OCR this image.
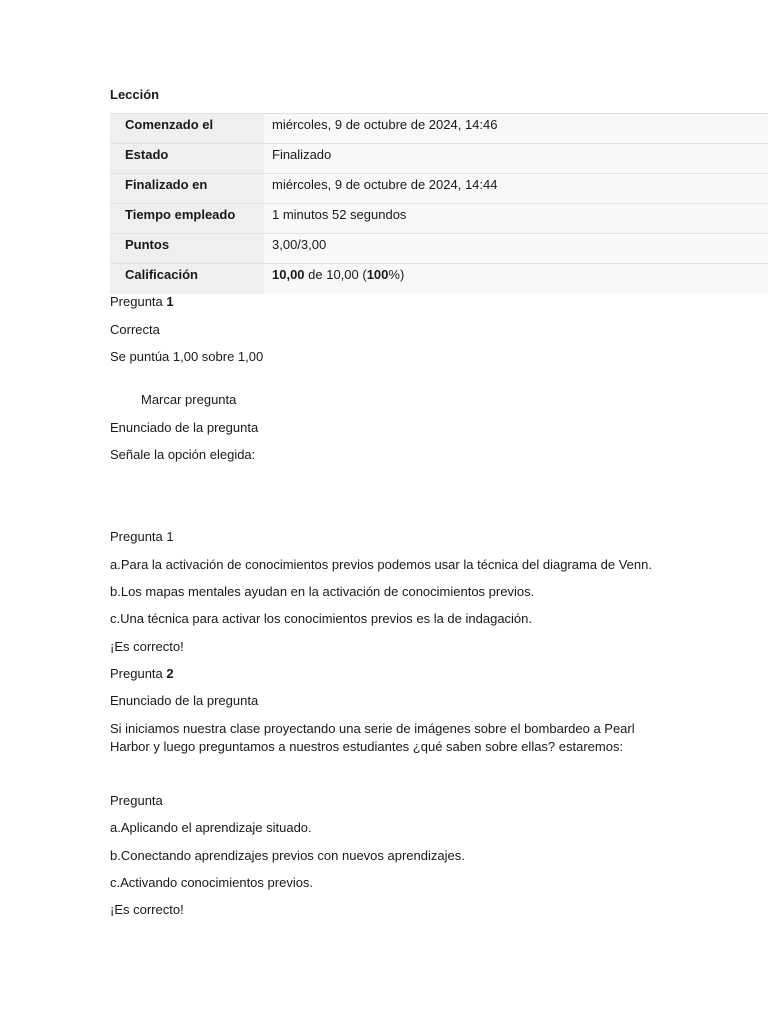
Lección
Comenzado el	miércoles, 9 de octubre de 2024, 14:46
Estado	Finalizado
Finalizado en	miércoles, 9 de octubre de 2024, 14:44
Tiempo empleado	1 minutos 52 segundos
Puntos	3,00/3,00
Calificación	10,00 de 10,00 (100%)
Pregunta 1
Correcta
Se puntúa 1,00 sobre 1,00
Marcar pregunta
Enunciado de la pregunta
Señale la opción elegida:
Pregunta 1
a.Para la activación de conocimientos previos podemos usar la técnica del diagrama de Venn.
b.Los mapas mentales ayudan en la activación de conocimientos previos.
c.Una técnica para activar los conocimientos previos es la de indagación.
¡Es correcto!
Pregunta 2
Enunciado de la pregunta
Si iniciamos nuestra clase proyectando una serie de imágenes sobre el bombardeo a Pearl Harbor y luego preguntamos a nuestros estudiantes ¿qué saben sobre ellas? estaremos:
Pregunta
a.Aplicando el aprendizaje situado.
b.Conectando aprendizajes previos con nuevos aprendizajes.
c.Activando conocimientos previos.
¡Es correcto!
